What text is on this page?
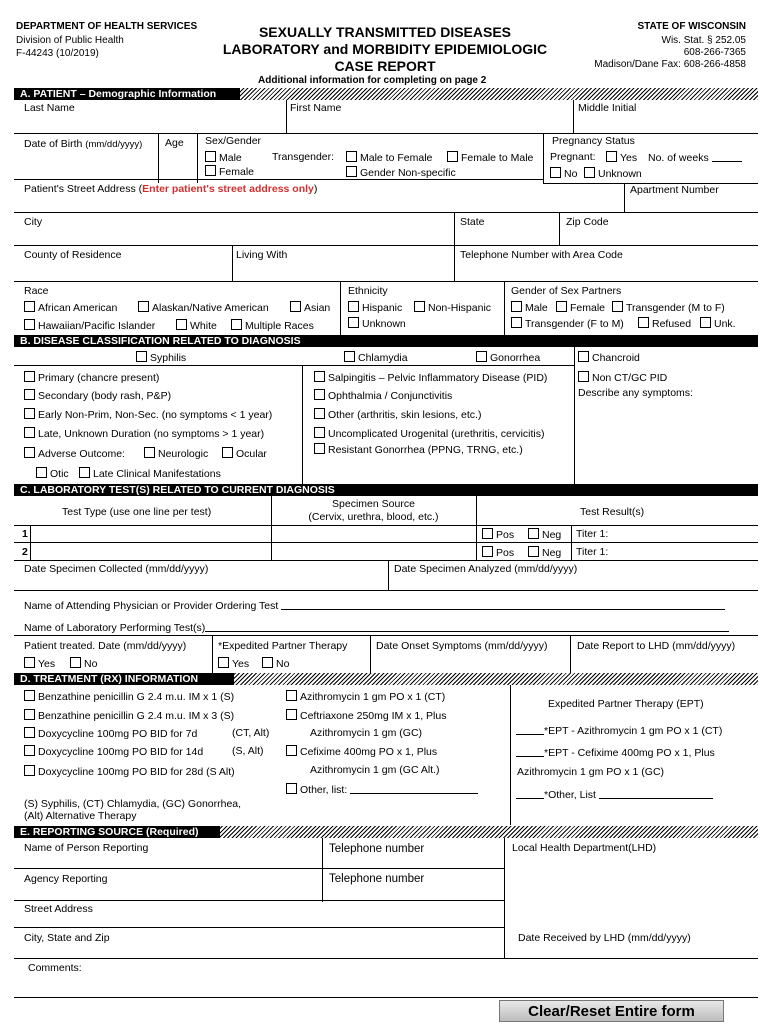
DEPARTMENT OF HEALTH SERVICES
Division of Public Health
F-44243 (10/2019)
SEXUALLY TRANSMITTED DISEASES
LABORATORY and MORBIDITY EPIDEMIOLOGIC
CASE REPORT
STATE OF WISCONSIN
Wis. Stat. § 252.05
608-266-7365
Madison/Dane Fax: 608-266-4858
Additional information for completing on page 2
A. PATIENT – Demographic Information
Last Name	First Name	Middle Initial
Date of Birth (mm/dd/yyyy) Age Sex/Gender
Male
Female
Transgender:	Male to Female	Female to Male
Gender Non-specific
Pregnancy Status
Pregnant:	Yes No. of weeks
No	Unknown
Patient's Street Address (Enter patient's street address only)	Apartment Number
City	State	Zip Code
County of Residence	Living With	Telephone Number with Area Code
Race
African American	Alaskan/Native American	Asian
Hawaiian/Pacific Islander	White	Multiple Races
Ethnicity
Hispanic	Non-Hispanic
Unknown
Gender of Sex Partners
Male	Female	Transgender (M to F)
Transgender (F to M)	Refused	Unk.
B. DISEASE CLASSIFICATION RELATED TO DIAGNOSIS
Syphilis	Chlamydia	Gonorrhea	Chancroid
Primary (chancre present)
Secondary (body rash, P&P)
Early Non-Prim, Non-Sec. (no symptoms < 1 year)
Late, Unknown Duration (no symptoms > 1 year)
Adverse Outcome:	Neurologic	Ocular
Otic	Late Clinical Manifestations
Salpingitis – Pelvic Inflammatory Disease (PID)
Ophthalmia / Conjunctivitis
Other (arthritis, skin lesions, etc.)
Uncomplicated Urogenital (urethritis, cervicitis)
Resistant Gonorrhea (PPNG, TRNG, etc.)
Non CT/GC PID
Describe any symptoms:
C. LABORATORY TEST(S) RELATED TO CURRENT DIAGNOSIS
Test Type (use one line per test)
Specimen Source
(Cervix, urethra, blood, etc.)	Test Result(s)
1	Pos	Neg Titer 1:
2	Pos	Neg Titer 1:
Date Specimen Collected (mm/dd/yyyy)	Date Specimen Analyzed (mm/dd/yyyy)
Name of Attending Physician or Provider Ordering Test
Name of Laboratory Performing Test(s)
Patient treated. Date (mm/dd/yyyy)
Yes	No
*Expedited Partner Therapy
Yes	No
Date Onset Symptoms (mm/dd/yyyy)	Date Report to LHD (mm/dd/yyyy)
D. TREATMENT (RX) INFORMATION
Benzathine penicillin G 2.4 m.u. IM x 1 (S)
Benzathine penicillin G 2.4 m.u. IM x 3 (S)
Doxycycline 100mg PO BID for 7d	(CT, Alt)
Doxycycline 100mg PO BID for 14d	(S, Alt)
Doxycycline 100mg PO BID for 28d (S Alt)
Azithromycin 1 gm PO x 1 (CT)
Ceftriaxone 250mg IM x 1, Plus
Azithromycin 1 gm (GC)
Cefixime 400mg PO x 1, Plus
Azithromycin 1 gm (GC Alt.)
Other, list:
Expedited Partner Therapy (EPT)
*EPT - Azithromycin 1 gm PO x 1 (CT)
*EPT - Cefixime 400mg PO x 1, Plus
Azithromycin 1 gm PO x 1 (GC)
*Other, List
(S) Syphilis, (CT) Chlamydia, (GC) Gonorrhea,
(Alt) Alternative Therapy
E. REPORTING SOURCE (Required)
Name of Person Reporting	Telephone number	Local Health Department(LHD)
Agency Reporting	Telephone number
Street Address
City, State and Zip	Date Received by LHD (mm/dd/yyyy)
Comments:
Clear/Reset Entire form
